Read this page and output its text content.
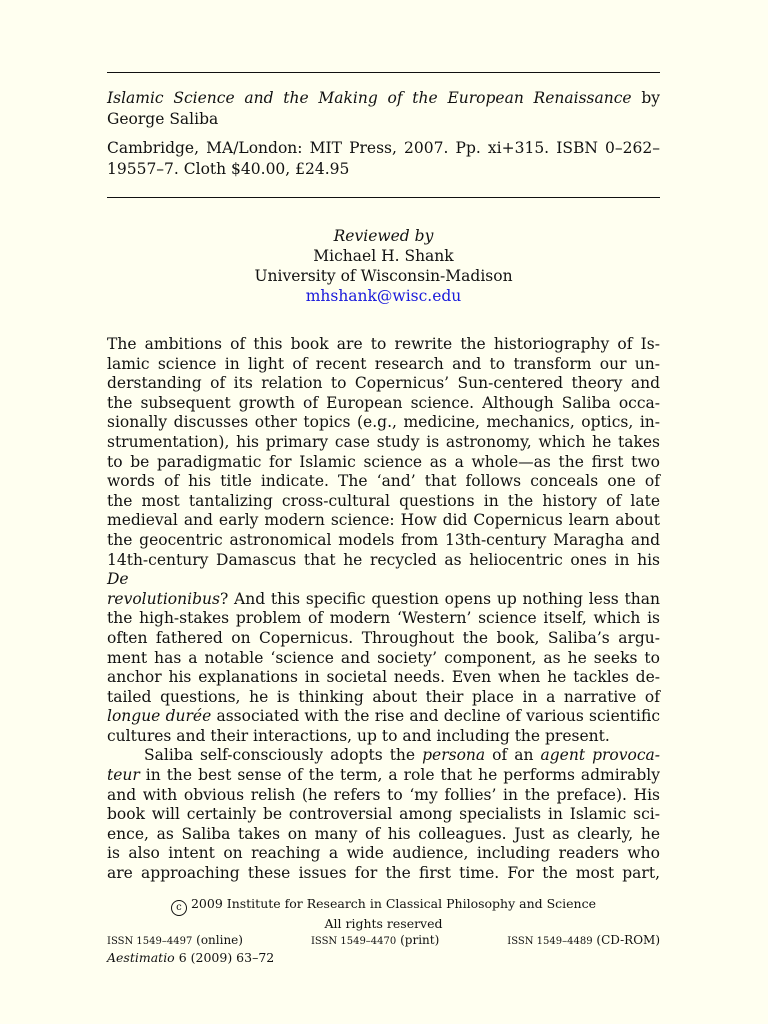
Islamic Science and the Making of the European Renaissance by George Saliba

Cambridge, MA/London: MIT Press, 2007. Pp. xi+315. ISBN 0–262–19557–7. Cloth $40.00, £24.95

Reviewed by
Michael H. Shank
University of Wisconsin-Madison
mhshank@wisc.edu

The ambitions of this book are to rewrite the historiography of Is-

lamic science in light of recent research and to transform our un-

derstanding of its relation to Copernicus’ Sun-centered theory and

the subsequent growth of European science. Although Saliba occa-

sionally discusses other topics (e.g., medicine, mechanics, optics, in-

strumentation), his primary case study is astronomy, which he takes

to be paradigmatic for Islamic science as a whole—as the first two

words of his title indicate. The ‘and’ that follows conceals one of

the most tantalizing cross-cultural questions in the history of late

medieval and early modern science: How did Copernicus learn about

the geocentric astronomical models from 13th-century Maragha and

14th-century Damascus that he recycled as heliocentric ones in his De

revolutionibus? And this specific question opens up nothing less than

the high-stakes problem of modern ‘Western’ science itself, which is

often fathered on Copernicus. Throughout the book, Saliba’s argu-

ment has a notable ‘science and society’ component, as he seeks to

anchor his explanations in societal needs. Even when he tackles de-

tailed questions, he is thinking about their place in a narrative of

longue durée associated with the rise and decline of various scientific

cultures and their interactions, up to and including the present.

Saliba self-consciously adopts the persona of an agent provoca-

teur in the best sense of the term, a role that he performs admirably

and with obvious relish (he refers to ‘my follies’ in the preface). His

book will certainly be controversial among specialists in Islamic sci-

ence, as Saliba takes on many of his colleagues. Just as clearly, he

is also intent on reaching a wide audience, including readers who

are approaching these issues for the first time. For the most part,

c 2009 Institute for Research in Classical Philosophy and Science
All rights reserved
ISSN 1549–4497 (online)	ISSN 1549–4470 (print)	ISSN 1549–4489 (CD-ROM)
Aestimatio 6 (2009) 63–72
